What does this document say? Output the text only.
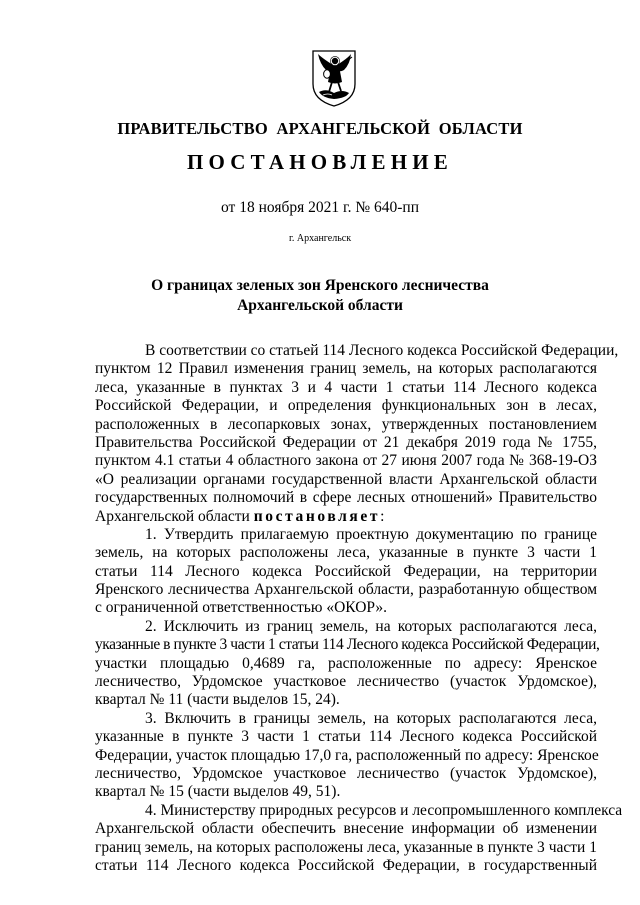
ПРАВИТЕЛЬСТВО  АРХАНГЕЛЬСКОЙ  ОБЛАСТИ
ПОСТАНОВЛЕНИЕ
от 18 ноября 2021 г. № 640-пп
г. Архангельск
О границах зеленых зон Яренского лесничества
Архангельской области
В соответствии со статьей 114 Лесного кодекса Российской Федерации,
пунктом 12 Правил изменения границ земель, на которых располагаются
леса, указанные в пунктах 3 и 4 части 1 статьи 114 Лесного кодекса
Российской Федерации, и определения функциональных зон в лесах,
расположенных в лесопарковых зонах, утвержденных постановлением
Правительства Российской Федерации от 21 декабря 2019 года № 1755,
пунктом 4.1 статьи 4 областного закона от 27 июня 2007 года № 368-19-ОЗ
«О реализации органами государственной власти Архангельской области
государственных полномочий в сфере лесных отношений» Правительство
Архангельской области постановляет:
1. Утвердить прилагаемую проектную документацию по границе
земель, на которых расположены леса, указанные в пункте 3 части 1
статьи 114 Лесного кодекса Российской Федерации, на территории
Яренского лесничества Архангельской области, разработанную обществом
с ограниченной ответственностью «ОКОР».
2. Исключить из границ земель, на которых располагаются леса,
указанные в пункте 3 части 1 статьи 114 Лесного кодекса Российской Федерации,
участки площадью 0,4689 га, расположенные по адресу: Яренское
лесничество, Урдомское участковое лесничество (участок Урдомское),
квартал № 11 (части выделов 15, 24).
3. Включить в границы земель, на которых располагаются леса,
указанные в пункте 3 части 1 статьи 114 Лесного кодекса Российской
Федерации, участок площадью 17,0 га, расположенный по адресу: Яренское
лесничество, Урдомское участковое лесничество (участок Урдомское),
квартал № 15 (части выделов 49, 51).
4. Министерству природных ресурсов и лесопромышленного комплекса
Архангельской области обеспечить внесение информации об изменении
границ земель, на которых расположены леса, указанные в пункте 3 части 1
статьи 114 Лесного кодекса Российской Федерации, в государственный
